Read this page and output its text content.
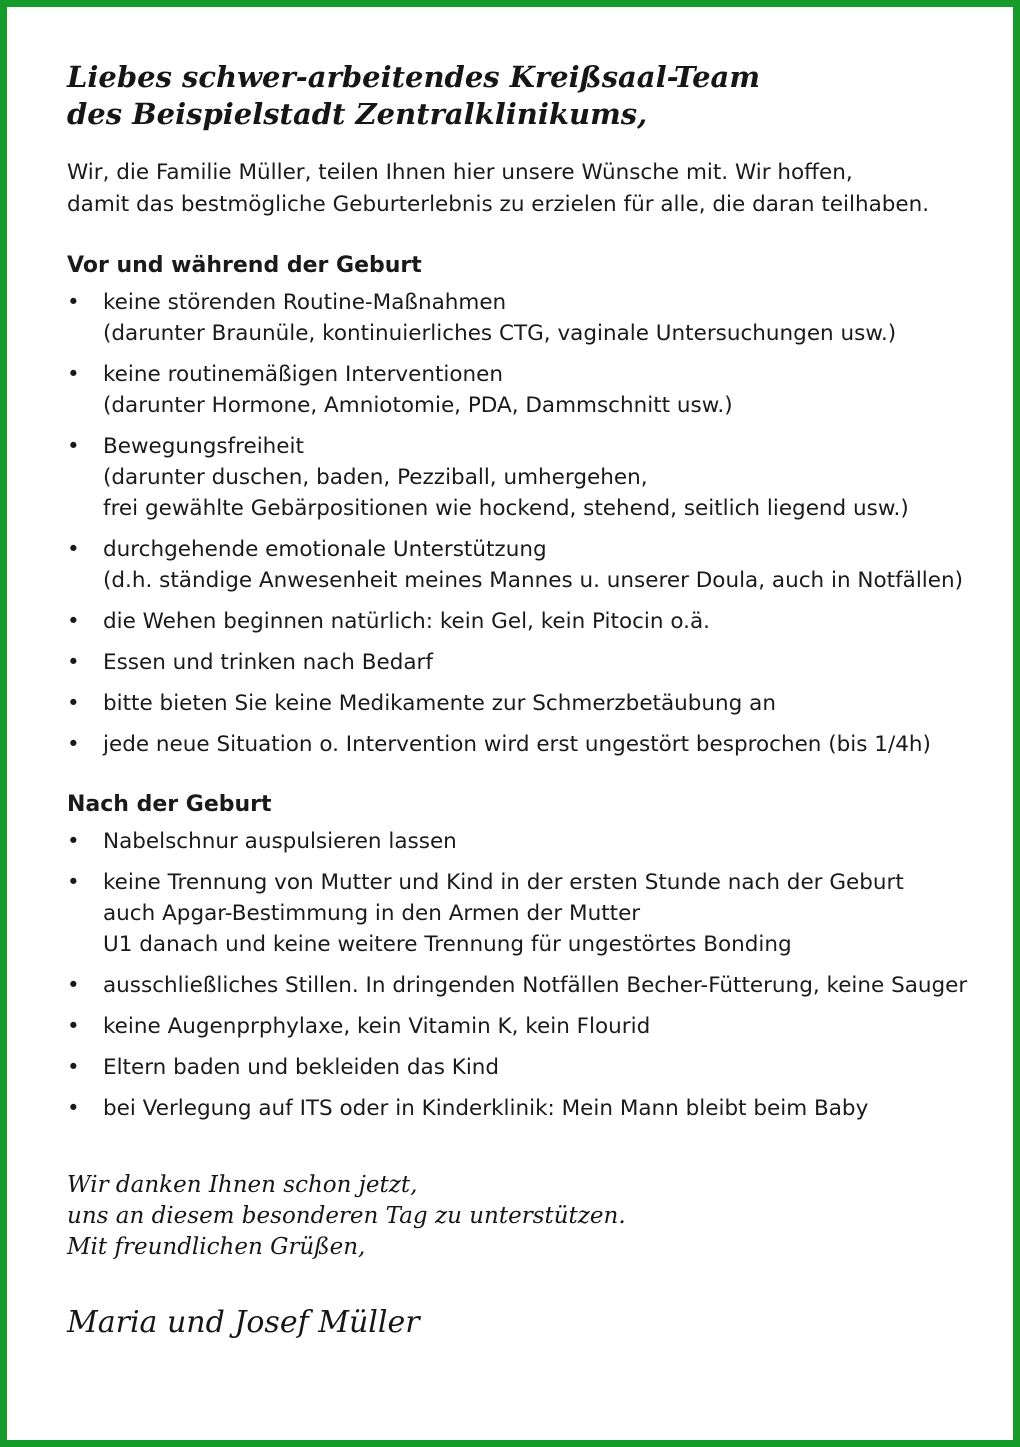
Liebes schwer-arbeitendes Kreißsaal-Team
des Beispielstadt Zentralklinikums,

Wir, die Familie Müller, teilen Ihnen hier unsere Wünsche mit. Wir hoffen,
damit das bestmögliche Geburterlebnis zu erzielen für alle, die daran teilhaben.

Vor und während der Geburt
•	keine störenden Routine-Maßnahmen
(darunter Braunüle, kontinuierliches CTG, vaginale Untersuchungen usw.)
•	keine routinemäßigen Interventionen
(darunter Hormone, Amniotomie, PDA, Dammschnitt usw.)
•	Bewegungsfreiheit
(darunter duschen, baden, Pezziball, umhergehen,
frei gewählte Gebärpositionen wie hockend, stehend, seitlich liegend usw.)
•	durchgehende emotionale Unterstützung
(d.h. ständige Anwesenheit meines Mannes u. unserer Doula, auch in Notfällen)
•	die Wehen beginnen natürlich: kein Gel, kein Pitocin o.ä.
•	Essen und trinken nach Bedarf
•	bitte bieten Sie keine Medikamente zur Schmerzbetäubung an
•	jede neue Situation o. Intervention wird erst ungestört besprochen (bis 1/4h)
Nach der Geburt
•	Nabelschnur auspulsieren lassen
•	keine Trennung von Mutter und Kind in der ersten Stunde nach der Geburt
auch Apgar-Bestimmung in den Armen der Mutter
U1 danach und keine weitere Trennung für ungestörtes Bonding
•	ausschließliches Stillen. In dringenden Notfällen Becher-Fütterung, keine Sauger
•	keine Augenprphylaxe, kein Vitamin K, kein Flourid
•	Eltern baden und bekleiden das Kind
•	bei Verlegung auf ITS oder in Kinderklinik: Mein Mann bleibt beim Baby

Wir danken Ihnen schon jetzt,
uns an diesem besonderen Tag zu unterstützen.
Mit freundlichen Grüßen,

Maria und Josef Müller
